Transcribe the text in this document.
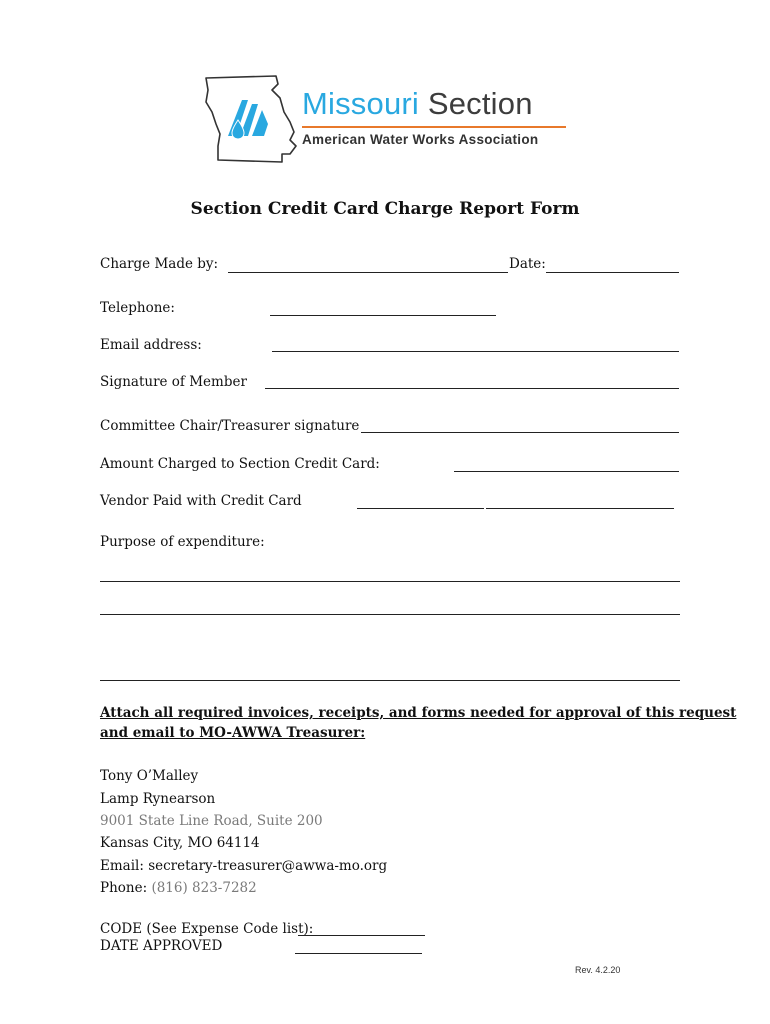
Missouri Section
American Water Works Association
Section Credit Card Charge Report Form
Charge Made by:	Date:
Telephone:
Email address:
Signature of Member
Committee Chair/Treasurer signature
Amount Charged to Section Credit Card:
Vendor Paid with Credit Card
Purpose of expenditure:
Attach all required invoices, receipts, and forms needed for approval of this request
and email to MO-AWWA Treasurer:
Tony O’Malley
Lamp Rynearson
9001 State Line Road, Suite 200
Kansas City, MO 64114
Email: secretary-treasurer@awwa-mo.org
Phone: (816) 823-7282
CODE (See Expense Code list):
DATE APPROVED
Rev. 4.2.20
